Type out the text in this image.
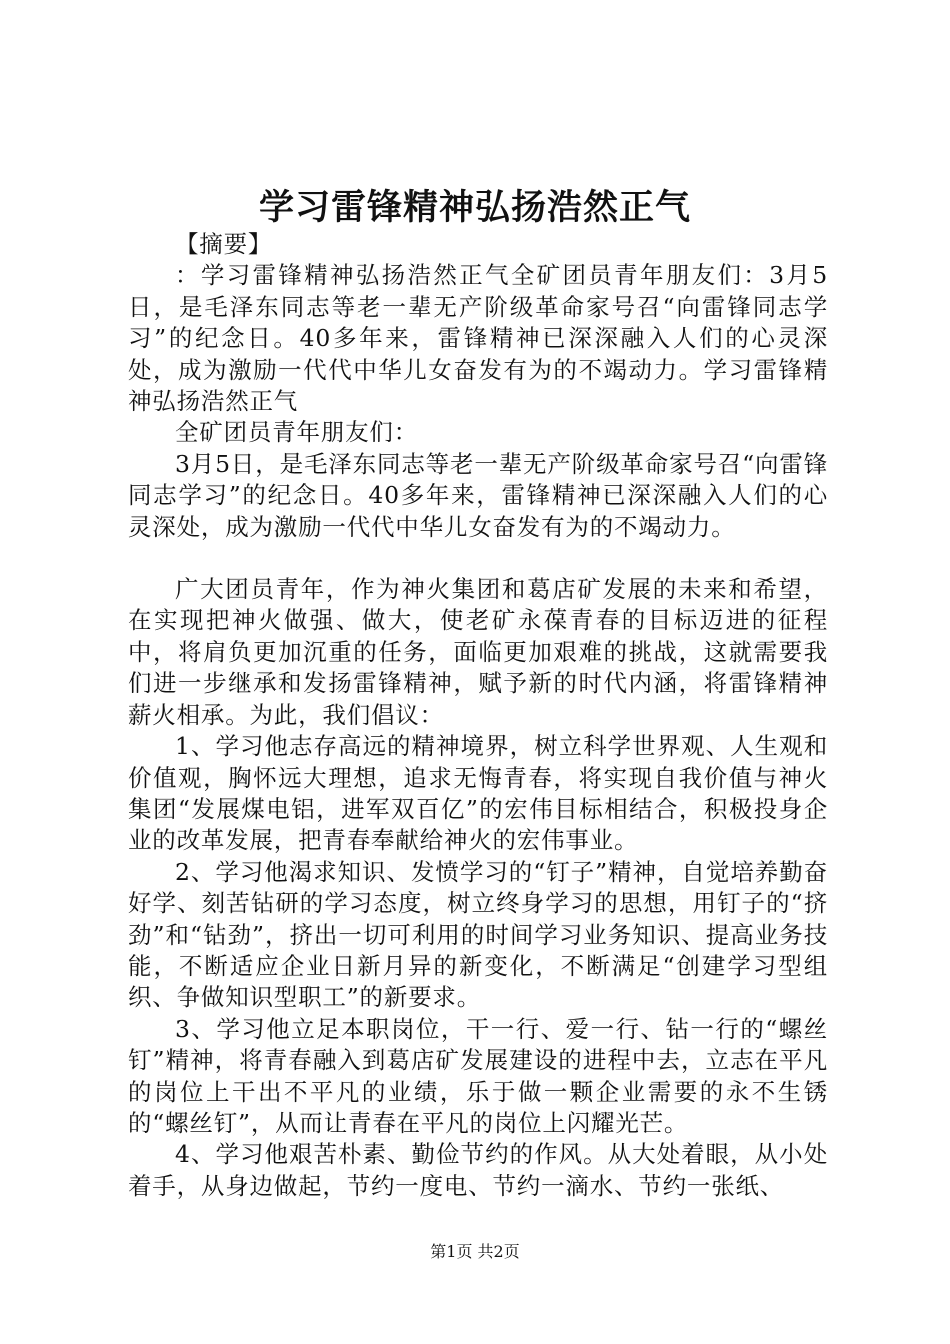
学习雷锋精神弘扬浩然正气

【摘要】

：学习雷锋精神弘扬浩然正气全矿团员青年朋友们：3月5日，是毛泽东同志等老一辈无产阶级革命家号召“向雷锋同志学习”的纪念日。40多年来，雷锋精神已深深融入人们的心灵深处，成为激励一代代中华儿女奋发有为的不竭动力。学习雷锋精神弘扬浩然正气

全矿团员青年朋友们：

3月5日，是毛泽东同志等老一辈无产阶级革命家号召“向雷锋同志学习”的纪念日。40多年来，雷锋精神已深深融入人们的心灵深处，成为激励一代代中华儿女奋发有为的不竭动力。

广大团员青年，作为神火集团和葛店矿发展的未来和希望，在实现把神火做强、做大，使老矿永葆青春的目标迈进的征程中，将肩负更加沉重的任务，面临更加艰难的挑战，这就需要我们进一步继承和发扬雷锋精神，赋予新的时代内涵，将雷锋精神薪火相承。为此，我们倡议：

1、学习他志存高远的精神境界，树立科学世界观、人生观和价值观，胸怀远大理想，追求无悔青春，将实现自我价值与神火集团“发展煤电铝，进军双百亿”的宏伟目标相结合，积极投身企业的改革发展，把青春奉献给神火的宏伟事业。

2、学习他渴求知识、发愤学习的“钉子”精神，自觉培养勤奋好学、刻苦钻研的学习态度，树立终身学习的思想，用钉子的“挤劲”和“钻劲”，挤出一切可利用的时间学习业务知识、提高业务技能，不断适应企业日新月异的新变化，不断满足“创建学习型组织、争做知识型职工”的新要求。

3、学习他立足本职岗位，干一行、爱一行、钻一行的“螺丝钉”精神，将青春融入到葛店矿发展建设的进程中去，立志在平凡的岗位上干出不平凡的业绩，乐于做一颗企业需要的永不生锈的“螺丝钉”，从而让青春在平凡的岗位上闪耀光芒。

4、学习他艰苦朴素、勤俭节约的作风。从大处着眼，从小处着手，从身边做起，节约一度电、节约一滴水、节约一张纸、

第1页 共2页
